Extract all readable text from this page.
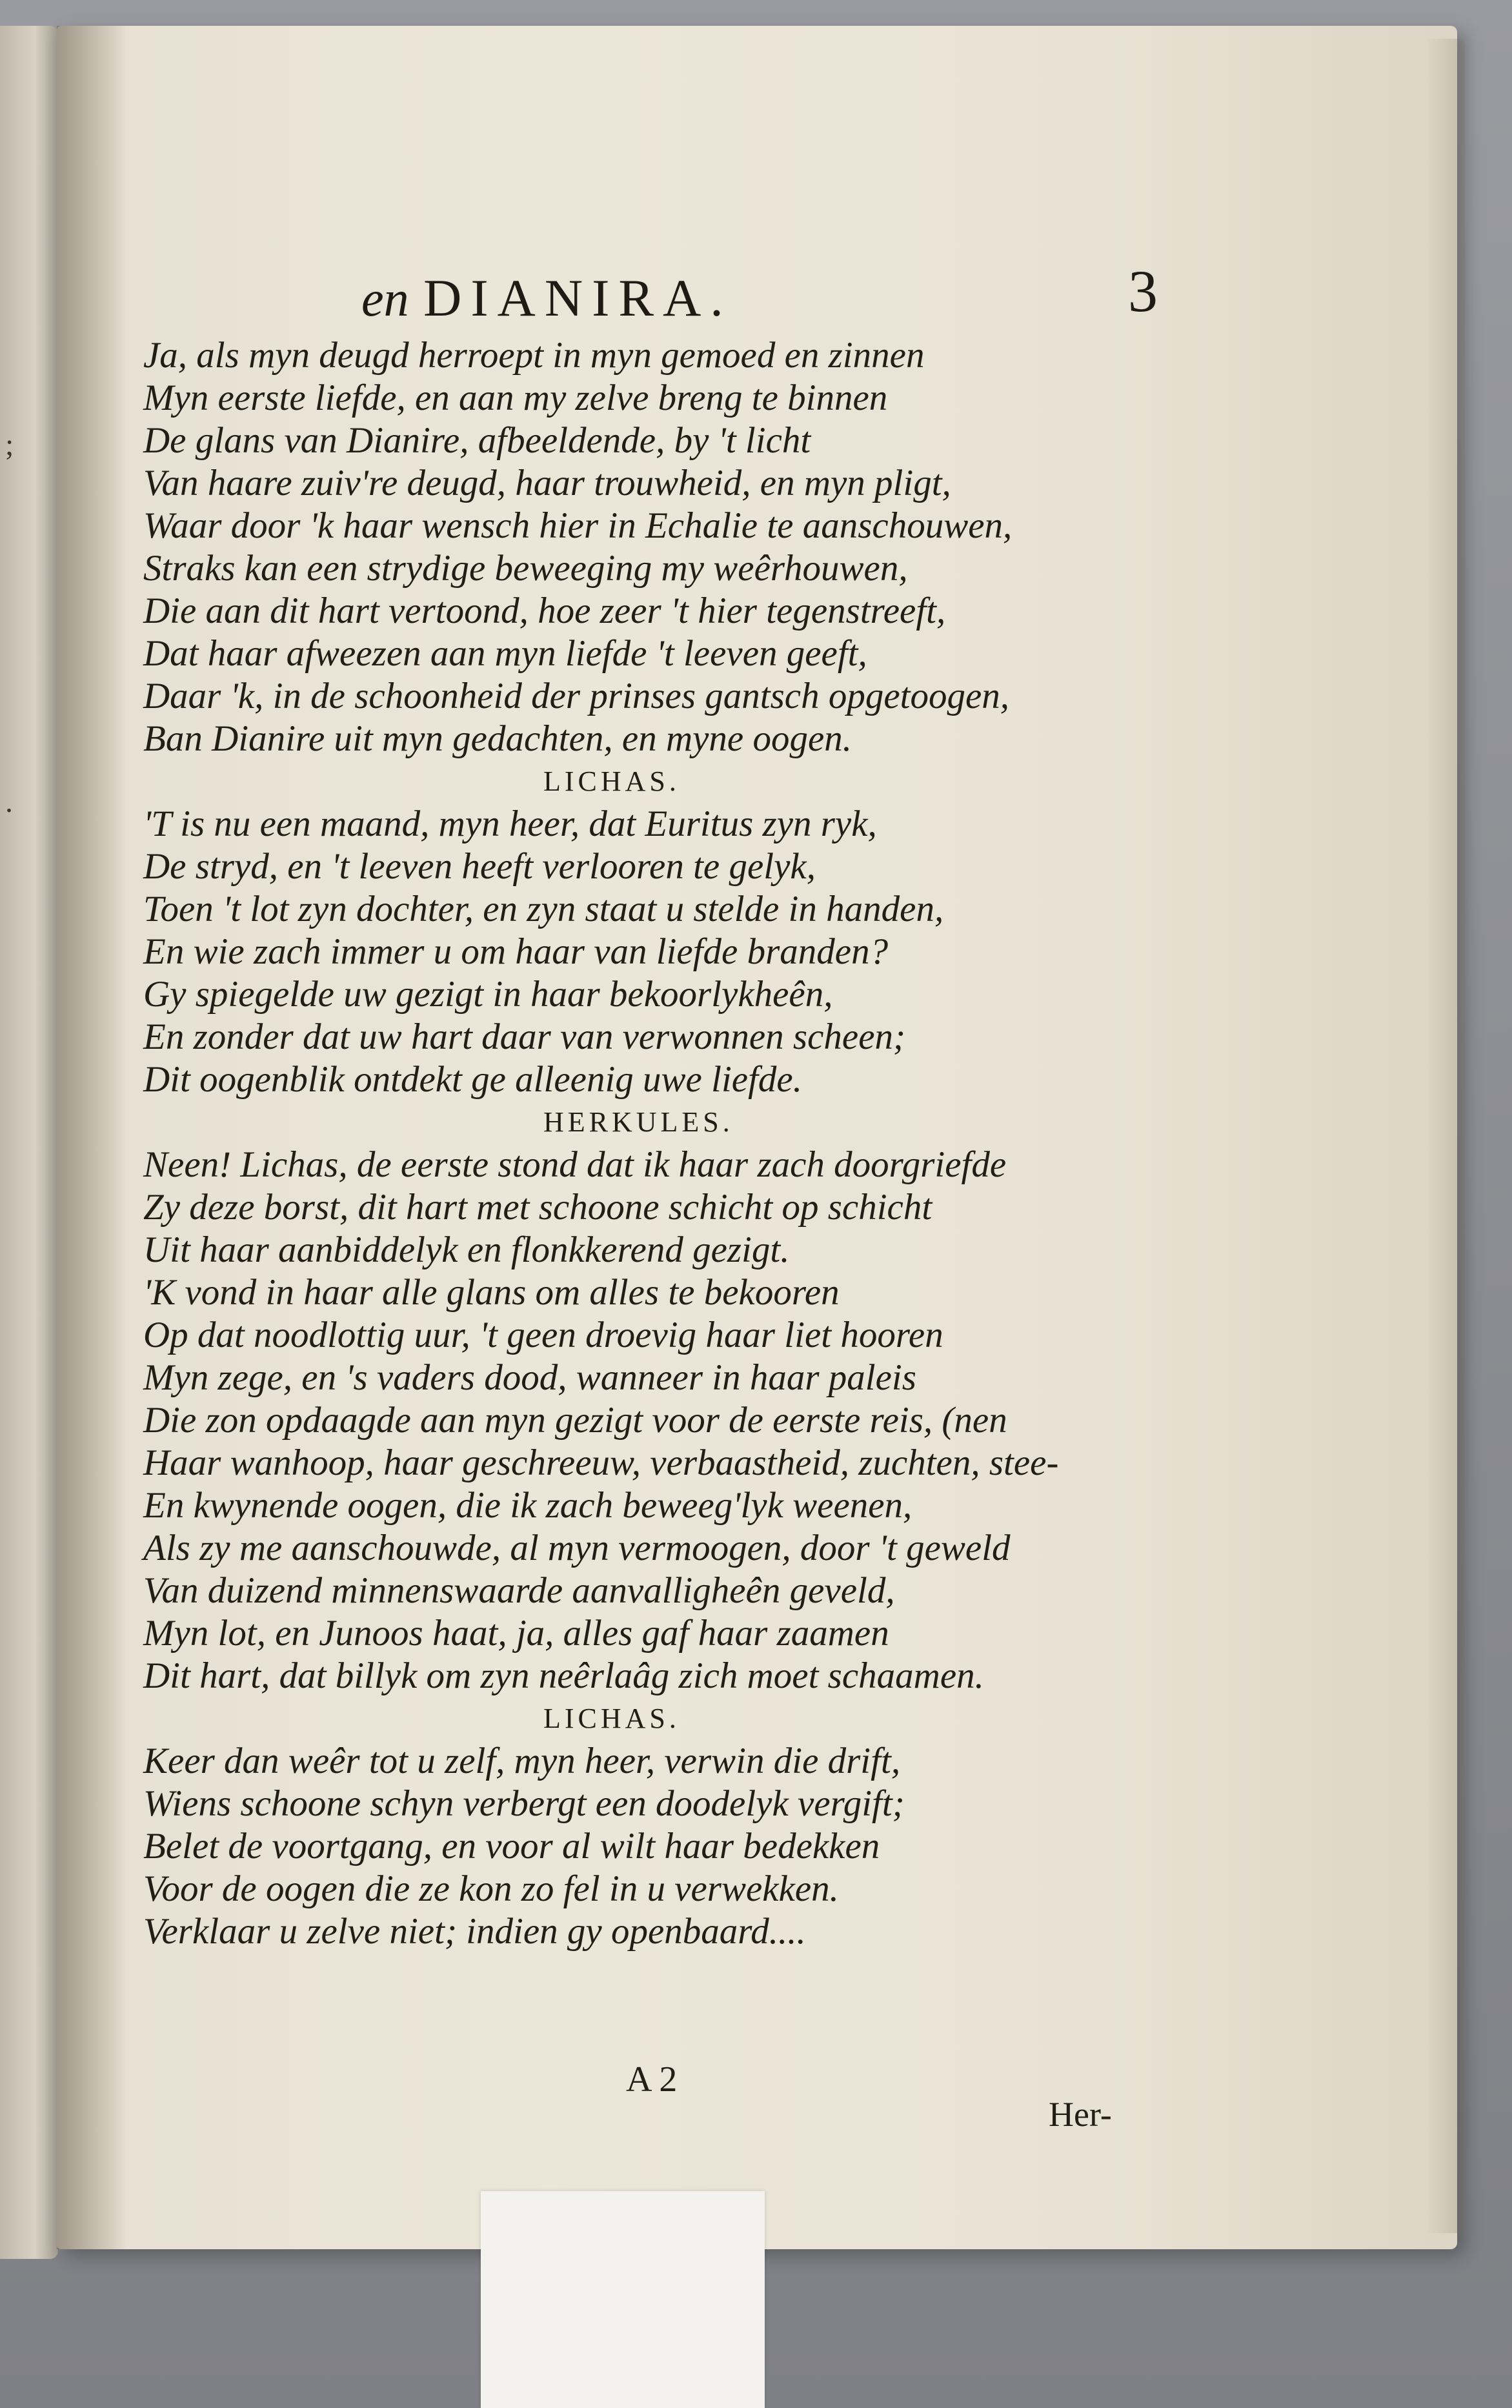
;
.
en DIANIRA.	3
Ja, als myn deugd herroept in myn gemoed en zinnen
Myn eerste liefde, en aan my zelve breng te binnen
De glans van Dianire, afbeeldende, by 't licht
Van haare zuiv're deugd, haar trouwheid, en myn pligt,
Waar door 'k haar wensch hier in Echalie te aanschouwen,
Straks kan een strydige beweeging my weêrhouwen,
Die aan dit hart vertoond, hoe zeer 't hier tegenstreeft,
Dat haar afweezen aan myn liefde 't leeven geeft,
Daar 'k, in de schoonheid der prinses gantsch opgetoogen,
Ban Dianire uit myn gedachten, en myne oogen.
LICHAS.
'T is nu een maand, myn heer, dat Euritus zyn ryk,
De stryd, en 't leeven heeft verlooren te gelyk,
Toen 't lot zyn dochter, en zyn staat u stelde in handen,
En wie zach immer u om haar van liefde branden?
Gy spiegelde uw gezigt in haar bekoorlykheên,
En zonder dat uw hart daar van verwonnen scheen;
Dit oogenblik ontdekt ge alleenig uwe liefde.
HERKULES.
Neen! Lichas, de eerste stond dat ik haar zach doorgriefde
Zy deze borst, dit hart met schoone schicht op schicht
Uit haar aanbiddelyk en flonkkerend gezigt.
'K vond in haar alle glans om alles te bekooren
Op dat noodlottig uur, 't geen droevig haar liet hooren
Myn zege, en 's vaders dood, wanneer in haar paleis
Die zon opdaagde aan myn gezigt voor de eerste reis, (nen
Haar wanhoop, haar geschreeuw, verbaastheid, zuchten, stee-
En kwynende oogen, die ik zach beweeg'lyk weenen,
Als zy me aanschouwde, al myn vermoogen, door 't geweld
Van duizend minnenswaarde aanvalligheên geveld,
Myn lot, en Junoos haat, ja, alles gaf haar zaamen
Dit hart, dat billyk om zyn neêrlaâg zich moet schaamen.
LICHAS.
Keer dan weêr tot u zelf, myn heer, verwin die drift,
Wiens schoone schyn verbergt een doodelyk vergift;
Belet de voortgang, en voor al wilt haar bedekken
Voor de oogen die ze kon zo fel in u verwekken.
Verklaar u zelve niet; indien gy openbaard....
A 2
Her-
